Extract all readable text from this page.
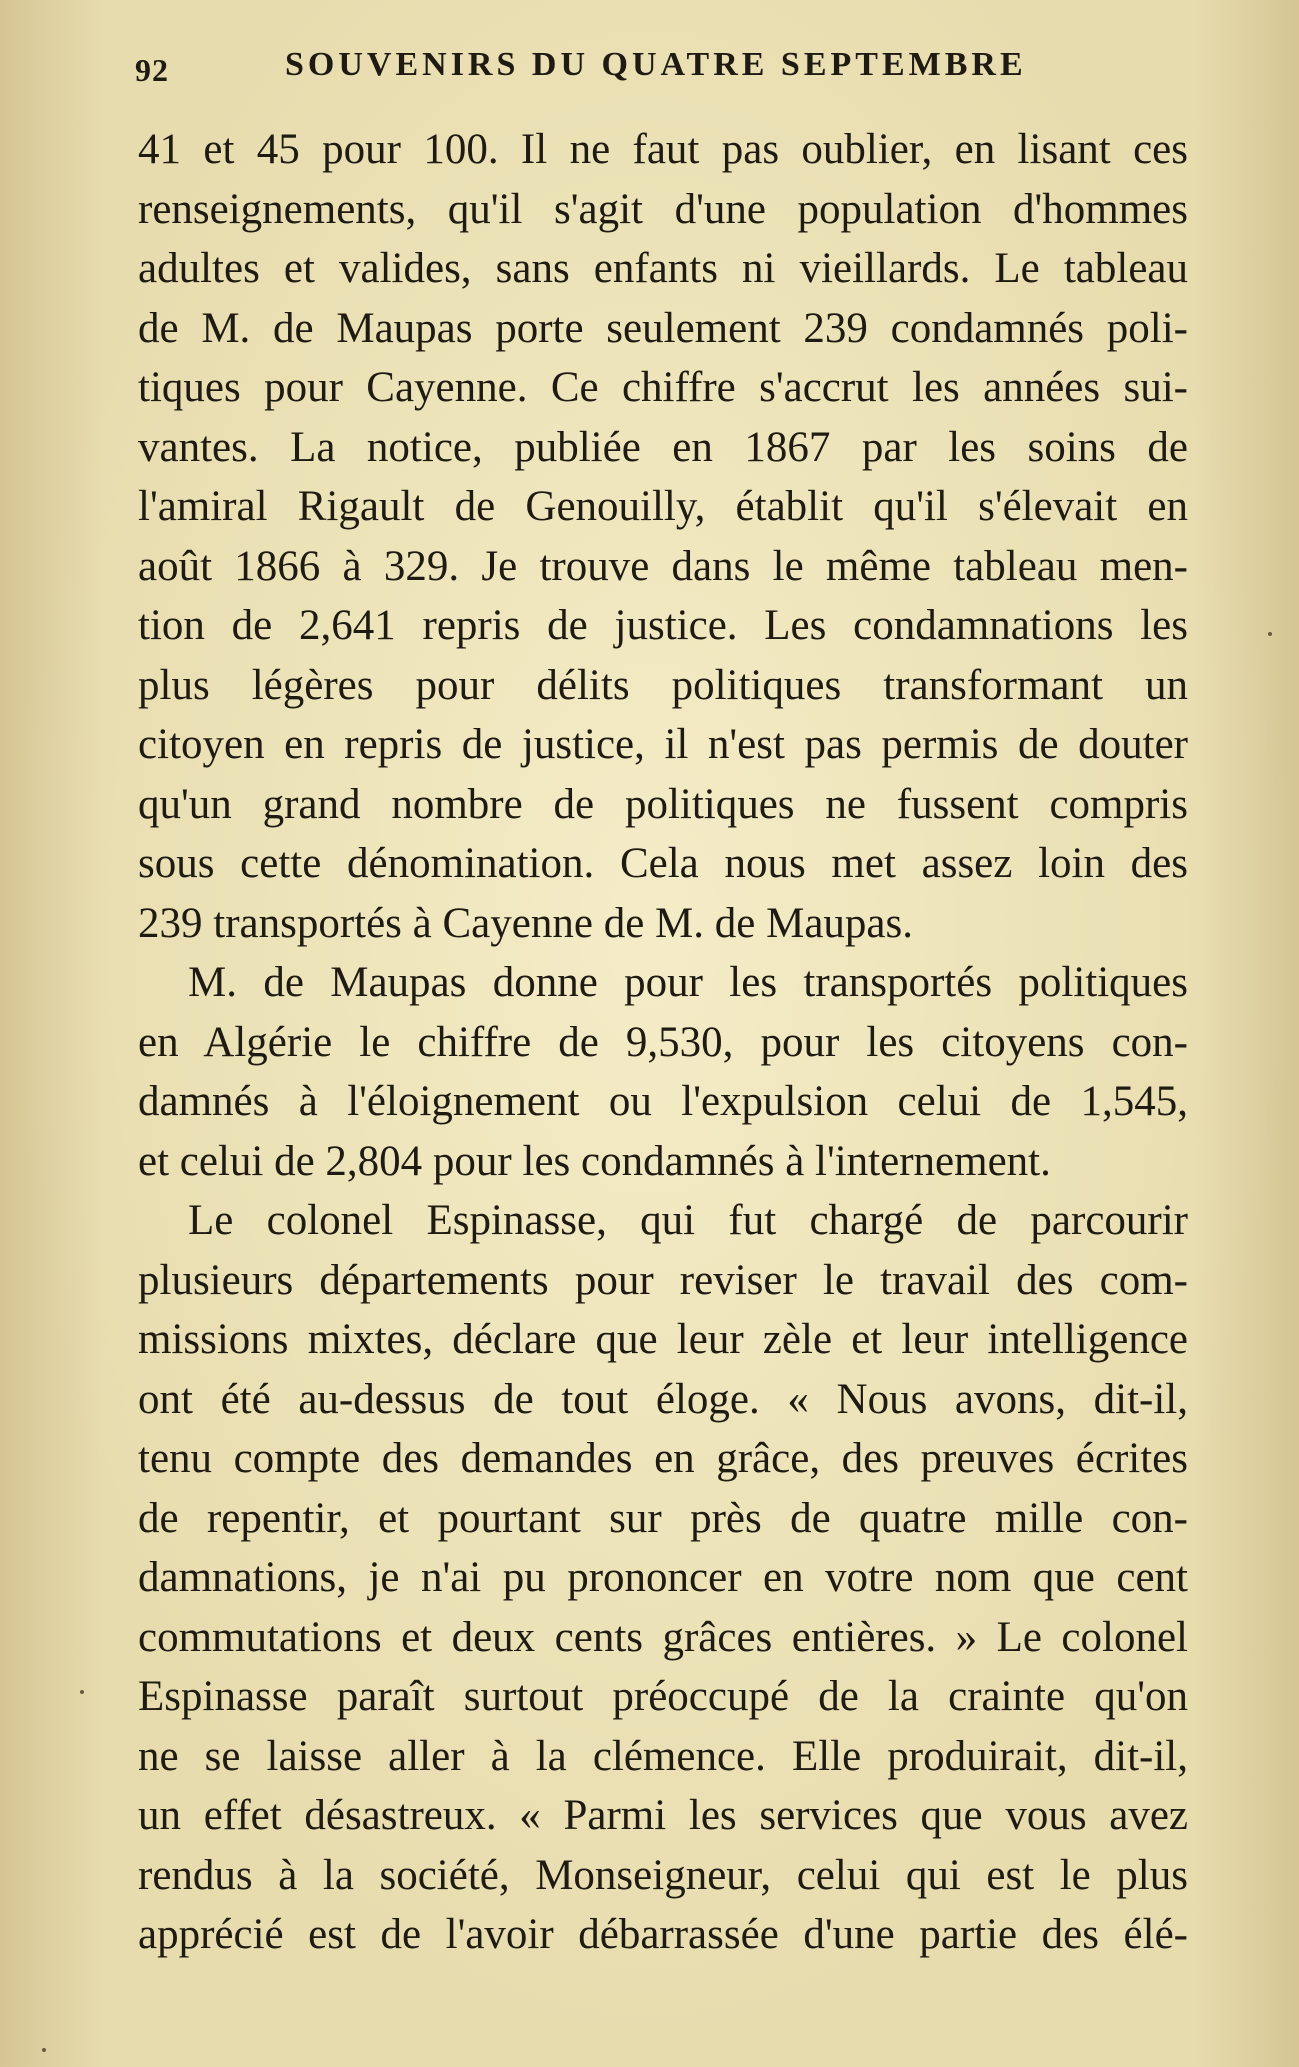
92	SOUVENIRS DU QUATRE SEPTEMBRE
41 et 45 pour 100. Il ne faut pas oublier, en lisant ces
renseignements, qu'il s'agit d'une population d'hommes
adultes et valides, sans enfants ni vieillards. Le tableau
de M. de Maupas porte seulement 239 condamnés poli-
tiques pour Cayenne. Ce chiffre s'accrut les années sui-
vantes. La notice, publiée en 1867 par les soins de
l'amiral Rigault de Genouilly, établit qu'il s'élevait en
août 1866 à 329. Je trouve dans le même tableau men-
tion de 2,641 repris de justice. Les condamnations les
plus légères pour délits politiques transformant un
citoyen en repris de justice, il n'est pas permis de douter
qu'un grand nombre de politiques ne fussent compris
sous cette dénomination. Cela nous met assez loin des
239 transportés à Cayenne de M. de Maupas.
M. de Maupas donne pour les transportés politiques
en Algérie le chiffre de 9,530, pour les citoyens con-
damnés à l'éloignement ou l'expulsion celui de 1,545,
et celui de 2,804 pour les condamnés à l'internement.
Le colonel Espinasse, qui fut chargé de parcourir
plusieurs départements pour reviser le travail des com-
missions mixtes, déclare que leur zèle et leur intelligence
ont été au-dessus de tout éloge. « Nous avons, dit-il,
tenu compte des demandes en grâce, des preuves écrites
de repentir, et pourtant sur près de quatre mille con-
damnations, je n'ai pu prononcer en votre nom que cent
commutations et deux cents grâces entières. » Le colonel
Espinasse paraît surtout préoccupé de la crainte qu'on
ne se laisse aller à la clémence. Elle produirait, dit-il,
un effet désastreux. « Parmi les services que vous avez
rendus à la société, Monseigneur, celui qui est le plus
apprécié est de l'avoir débarrassée d'une partie des élé-
